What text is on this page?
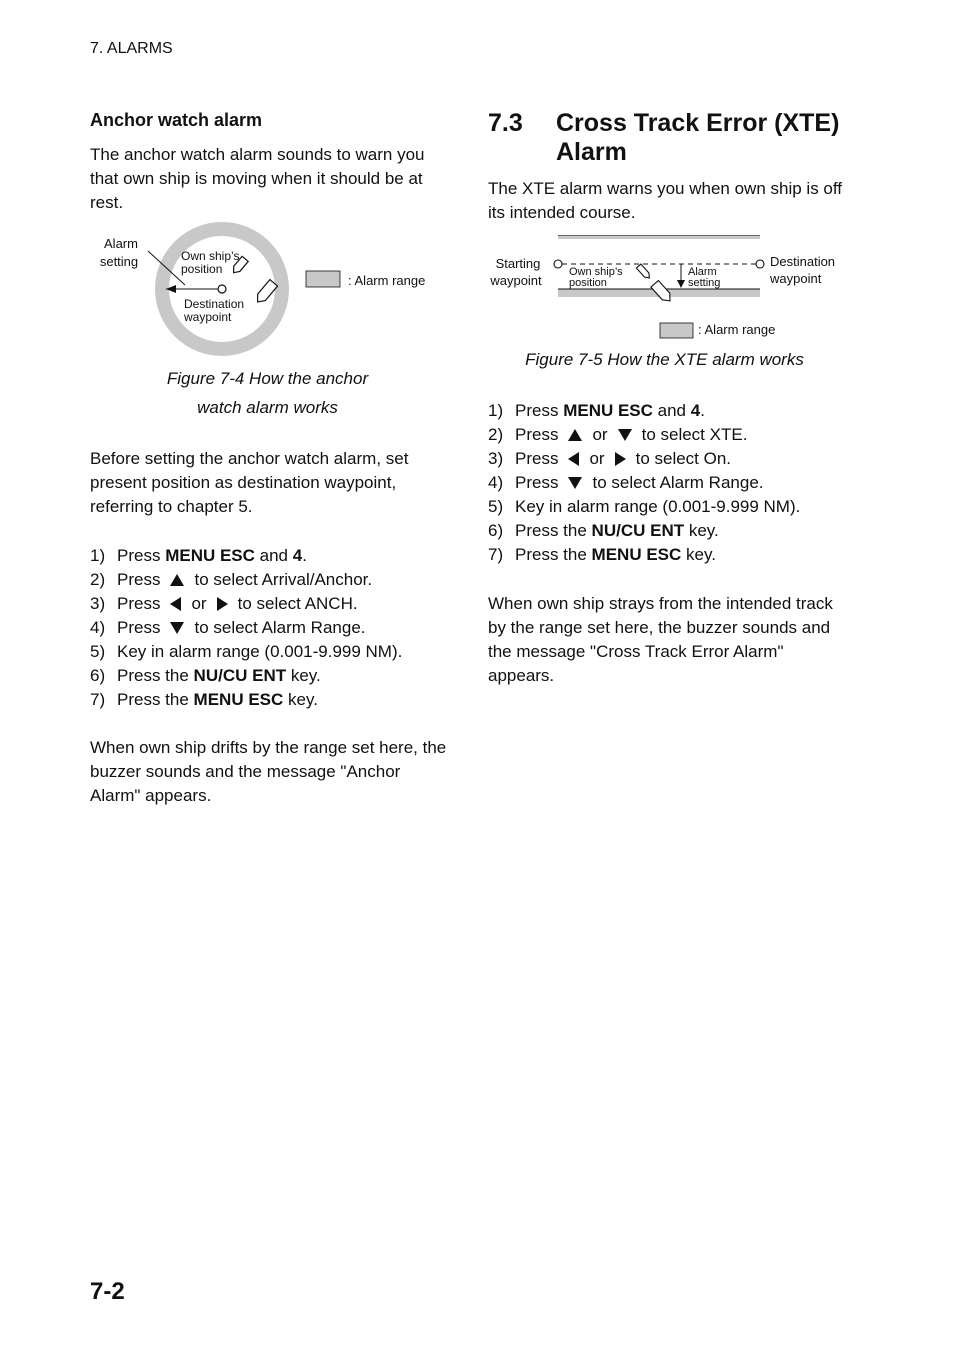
7. ALARMS
Anchor watch alarm
The anchor watch alarm sounds to warn you that own ship is moving when it should be at rest.
Alarm
setting	Own ship’s
position
Destination
waypoint
: Alarm range
Figure 7-4 How the anchor
watch alarm works
Before setting the anchor watch alarm, set present position as destination waypoint, referring to chapter 5.
1) Press MENU ESC and 4 .
2) Press to select Arrival/Anchor.
3) Press or to select ANCH.
4) Press to select Alarm Range.
5) Key in alarm range (0.001-9.999 NM).
6) Press the NU/CU ENT key.
7) Press the MENU ESC key.
When own ship drifts by the range set here, the buzzer sounds and the message "Anchor Alarm" appears.
7.3 Cross Track Error (XTE) Alarm
The XTE alarm warns you when own ship is off its intended course.
Starting
waypoint
Own ship’s
position
Alarm
setting
Destination
waypoint
: Alarm range
Figure 7-5 How the XTE alarm works
1) Press MENU ESC and 4 .
2) Press or to select XTE.
3) Press or to select On.
4) Press to select Alarm Range.
5) Key in alarm range (0.001-9.999 NM).
6) Press the NU/CU ENT key.
7) Press the MENU ESC key.
When own ship strays from the intended track by the range set here, the buzzer sounds and the message "Cross Track Error Alarm" appears.
7-2
